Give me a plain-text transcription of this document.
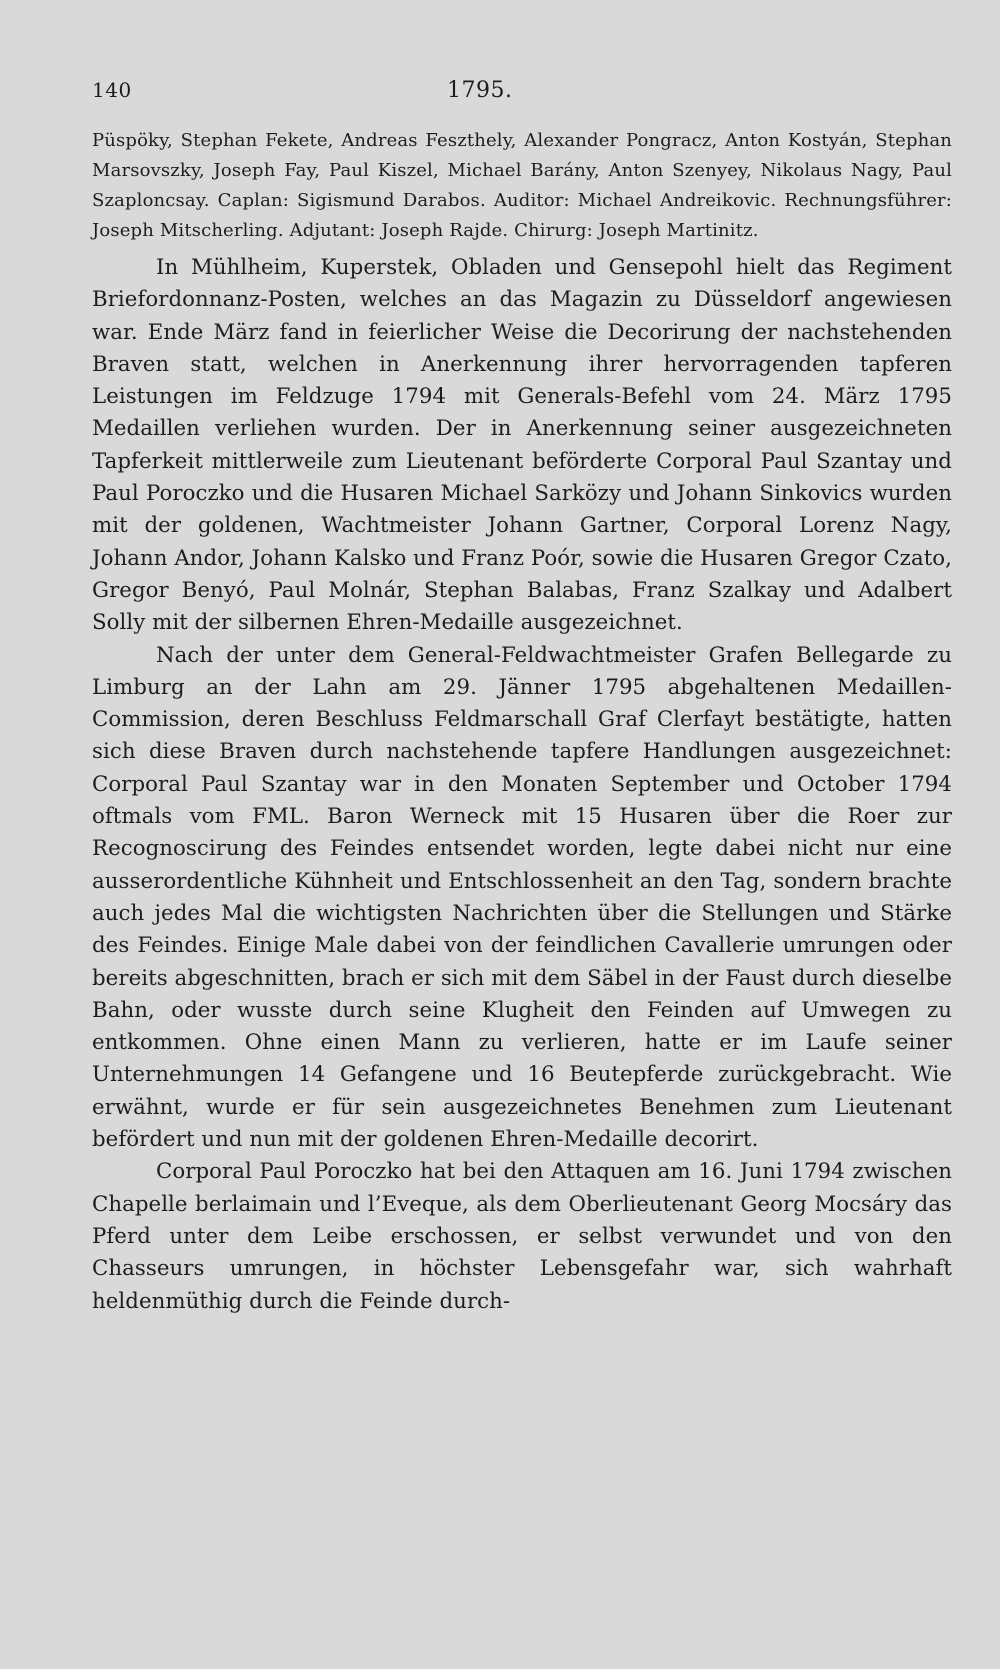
140	1795.

Püspöky, Stephan Fekete, Andreas Feszthely, Alexander Pongracz, Anton Kostyán, Stephan Marsovszky, Joseph Fay, Paul Kiszel, Michael Barány, Anton Szenyey, Nikolaus Nagy, Paul Szaploncsay. Caplan: Sigismund Darabos. Auditor: Michael Andreikovic. Rechnungsführer: Joseph Mitscherling. Adjutant: Joseph Rajde. Chirurg: Joseph Martinitz.

In Mühlheim, Kuperstek, Obladen und Gensepohl hielt das Regiment Briefordonnanz-Posten, welches an das Magazin zu Düsseldorf angewiesen war. Ende März fand in feierlicher Weise die Decorirung der nachstehenden Braven statt, welchen in Anerkennung ihrer hervorragenden tapferen Leistungen im Feldzuge 1794 mit Generals-Befehl vom 24. März 1795 Medaillen verliehen wurden. Der in Anerkennung seiner ausgezeichneten Tapferkeit mittlerweile zum Lieutenant beförderte Corporal Paul Szantay und Paul Poroczko und die Husaren Michael Sarközy und Johann Sinkovics wurden mit der goldenen, Wachtmeister Johann Gartner, Corporal Lorenz Nagy, Johann Andor, Johann Kalsko und Franz Poór, sowie die Husaren Gregor Czato, Gregor Benyó, Paul Molnár, Stephan Balabas, Franz Szalkay und Adalbert Solly mit der silbernen Ehren-Medaille ausgezeichnet.

Nach der unter dem General-Feldwachtmeister Grafen Bellegarde zu Limburg an der Lahn am 29. Jänner 1795 abgehaltenen Medaillen-Commission, deren Beschluss Feldmarschall Graf Clerfayt bestätigte, hatten sich diese Braven durch nachstehende tapfere Handlungen ausgezeichnet: Corporal Paul Szantay war in den Monaten September und October 1794 oftmals vom FML. Baron Werneck mit 15 Husaren über die Roer zur Recognoscirung des Feindes entsendet worden, legte dabei nicht nur eine ausserordentliche Kühnheit und Entschlossenheit an den Tag, sondern brachte auch jedes Mal die wichtigsten Nachrichten über die Stellungen und Stärke des Feindes. Einige Male dabei von der feindlichen Cavallerie umrungen oder bereits abgeschnitten, brach er sich mit dem Säbel in der Faust durch dieselbe Bahn, oder wusste durch seine Klugheit den Feinden auf Umwegen zu entkommen. Ohne einen Mann zu verlieren, hatte er im Laufe seiner Unternehmungen 14 Gefangene und 16 Beutepferde zurückgebracht. Wie erwähnt, wurde er für sein ausgezeichnetes Benehmen zum Lieutenant befördert und nun mit der goldenen Ehren-Medaille decorirt.

Corporal Paul Poroczko hat bei den Attaquen am 16. Juni 1794 zwischen Chapelle berlaimain und l’Eveque, als dem Oberlieutenant Georg Mocsáry das Pferd unter dem Leibe erschossen, er selbst verwundet und von den Chasseurs umrungen, in höchster Lebensgefahr war, sich wahrhaft heldenmüthig durch die Feinde durch-
